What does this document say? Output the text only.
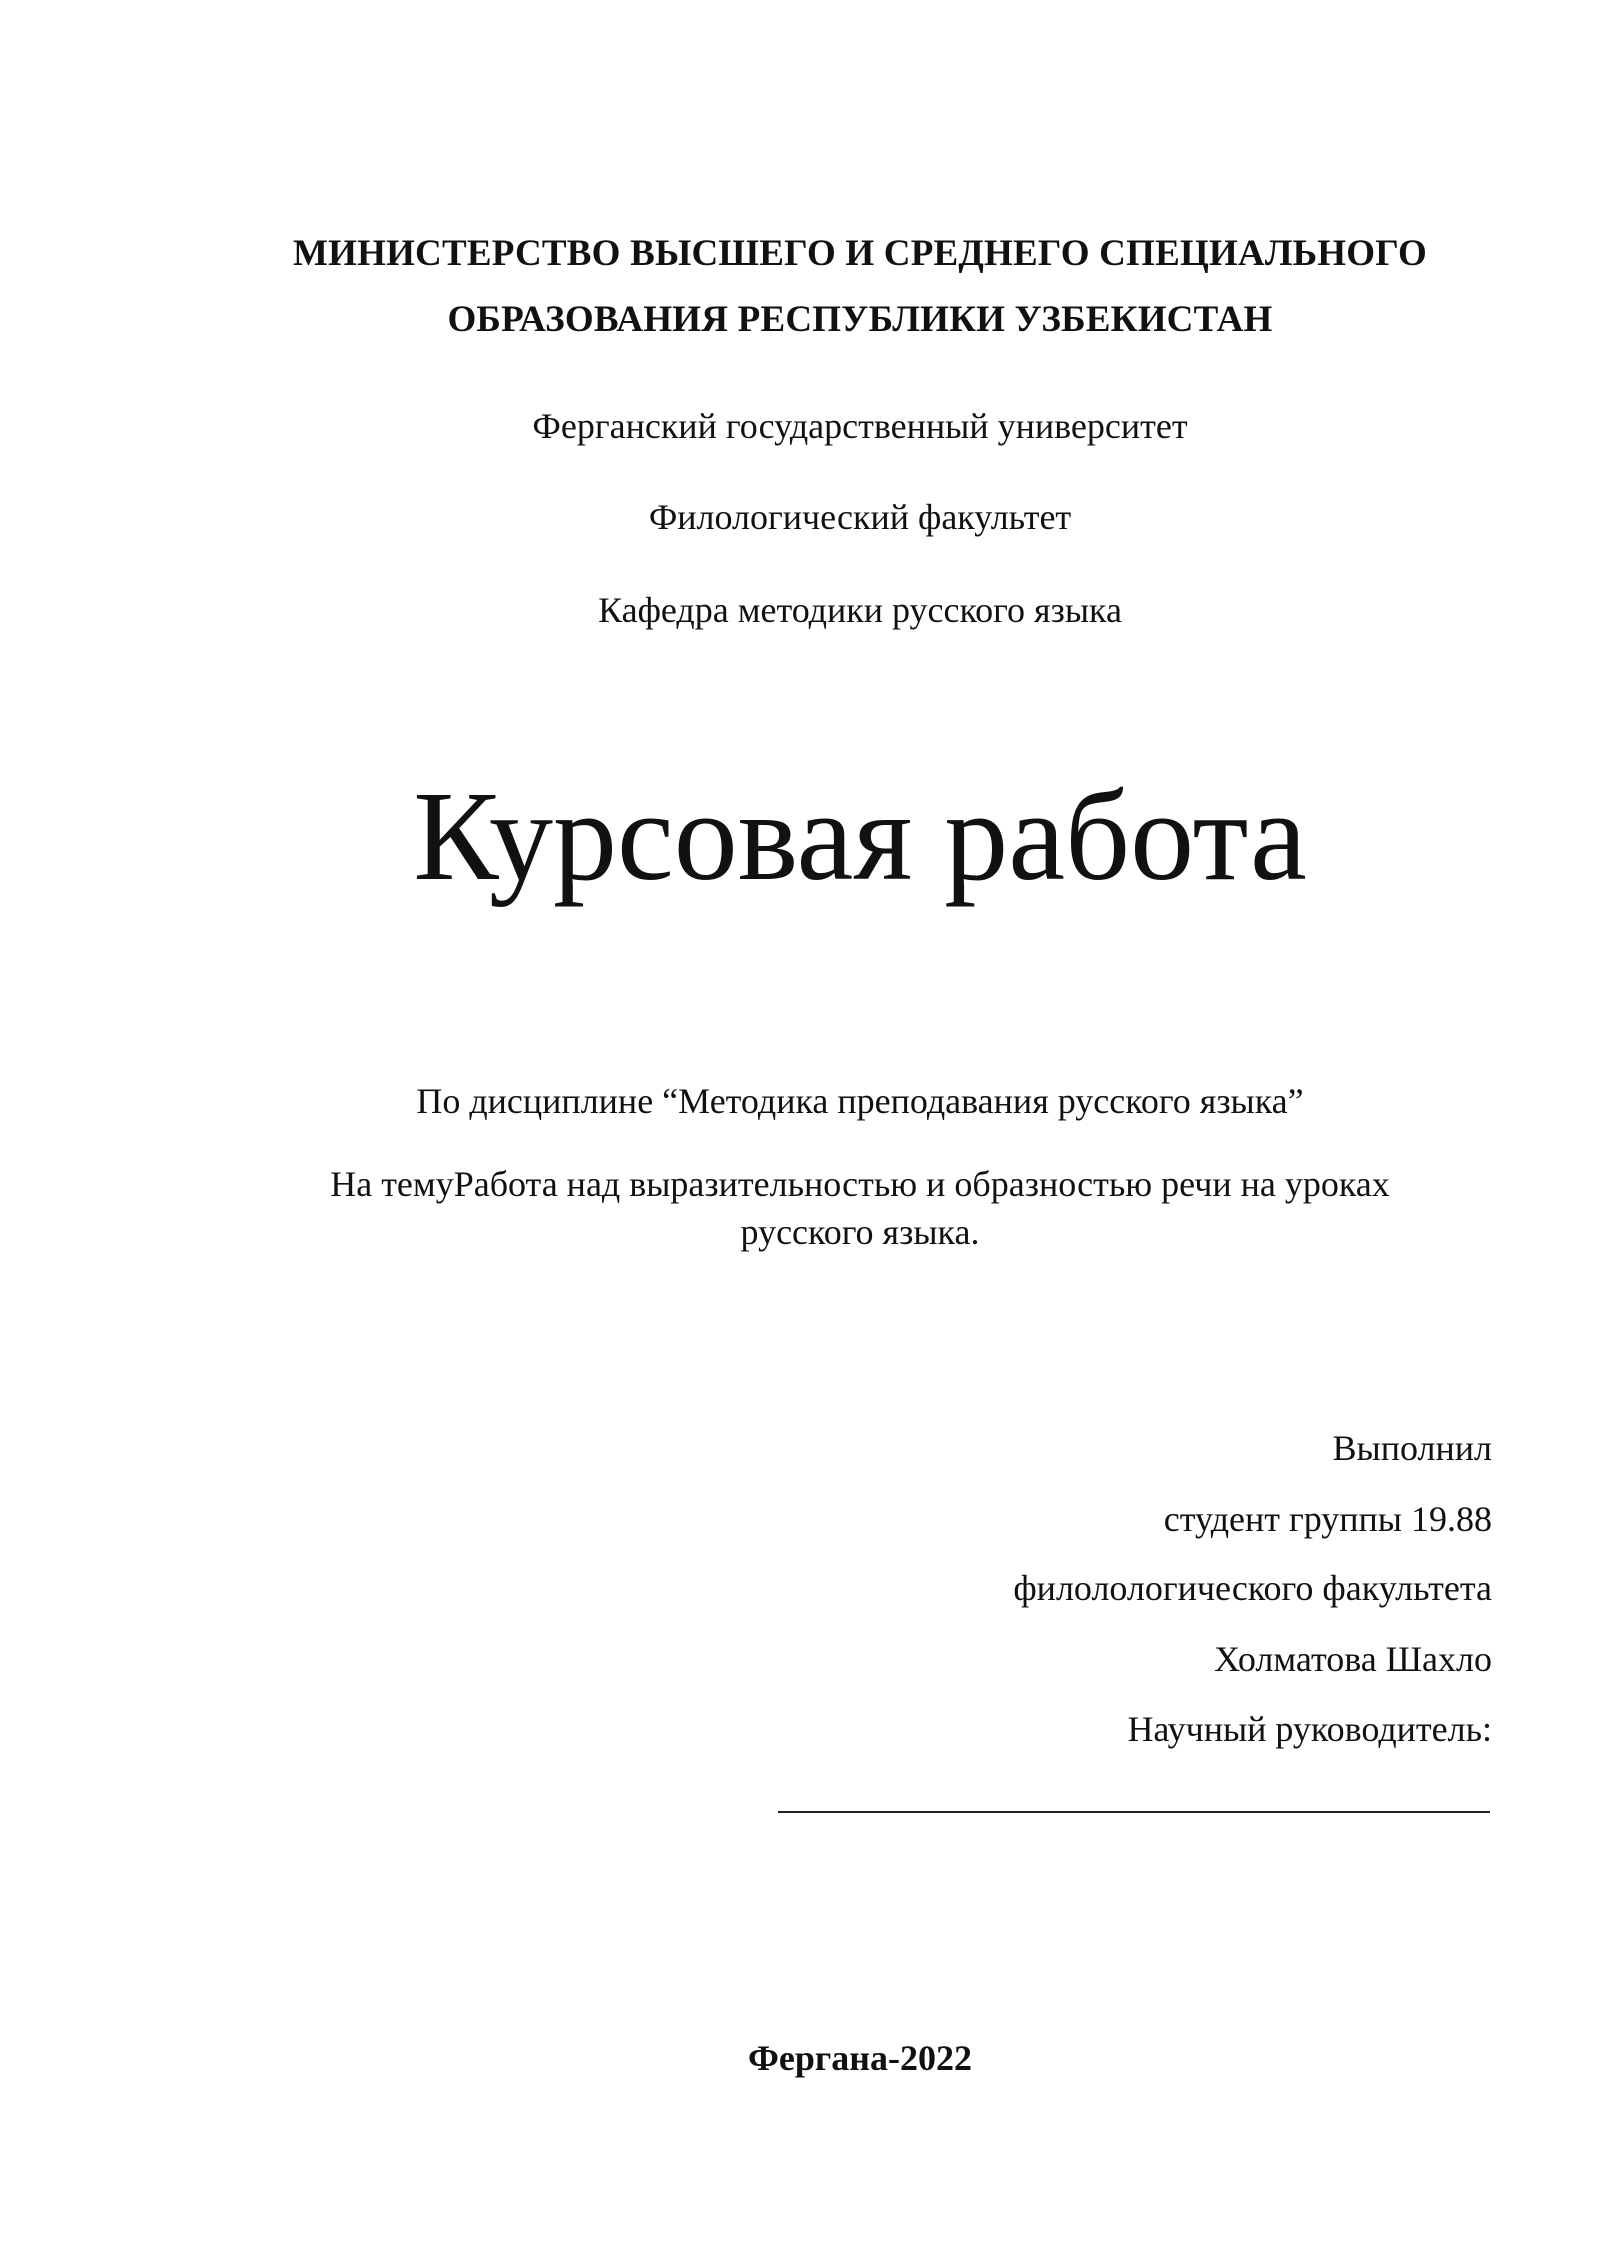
МИНИСТЕРСТВО ВЫСШЕГО И СРЕДНЕГО СПЕЦИАЛЬНОГО
ОБРАЗОВАНИЯ РЕСПУБЛИКИ УЗБЕКИСТАН
Ферганский государственный университет
Филологический факультет
Кафедра методики русского языка
Курсовая работа
По дисциплине “Методика преподавания русского языка”
На темуРабота над выразительностью и образностью речи на уроках русского языка.
Выполнил
студент группы 19.88
филолологического факультета
Холматова Шахло
Научный руководитель:
Фергана-2022
